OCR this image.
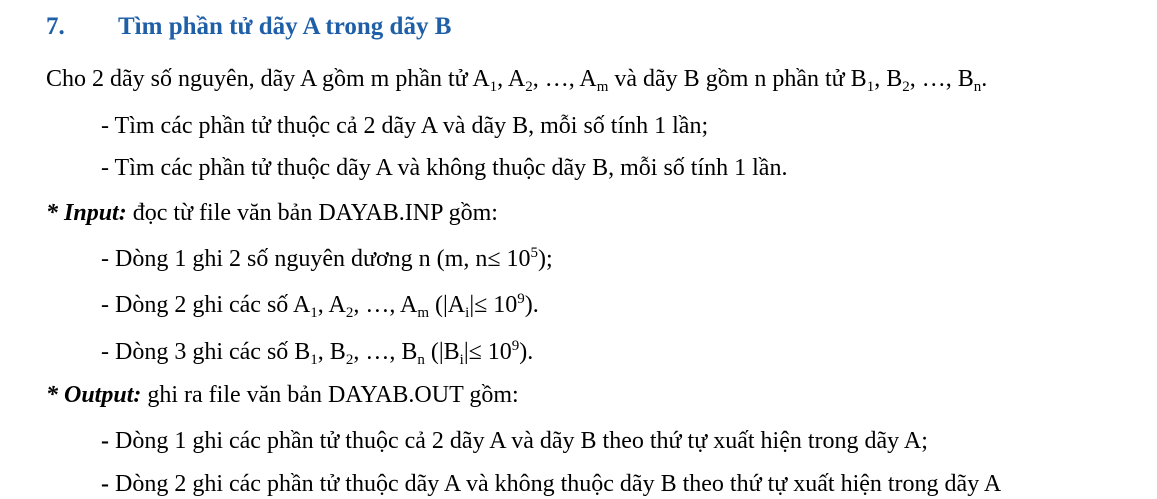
7. Tìm phần tử dãy A trong dãy B
Cho 2 dãy số nguyên, dãy A gồm m phần tử $A_1$, $A_2$, …, $A_m$ và dãy B gồm n phần tử $B_1$, $B_2$, …, $B_n$.
- Tìm các phần tử thuộc cả 2 dãy A và dãy B, mỗi số tính 1 lần;
- Tìm các phần tử thuộc dãy A và không thuộc dãy B, mỗi số tính 1 lần.
* Input: đọc từ file văn bản DAYAB.INP gồm:
- Dòng 1 ghi 2 số nguyên dương n (m, $n\le 10^5$);
- Dòng 2 ghi các số $A_1$, $A_2$, …, $A_m$ $(|A_i|\le 10^9)$.
- Dòng 3 ghi các số $B_1$, $B_2$, …, $B_n$ $(|B_i|\le 10^9)$.
* Output: ghi ra file văn bản DAYAB.OUT gồm:
- Dòng 1 ghi các phần tử thuộc cả 2 dãy A và dãy B theo thứ tự xuất hiện trong dãy A;
- Dòng 2 ghi các phần tử thuộc dãy A và không thuộc dãy B theo thứ tự xuất hiện trong dãy A
